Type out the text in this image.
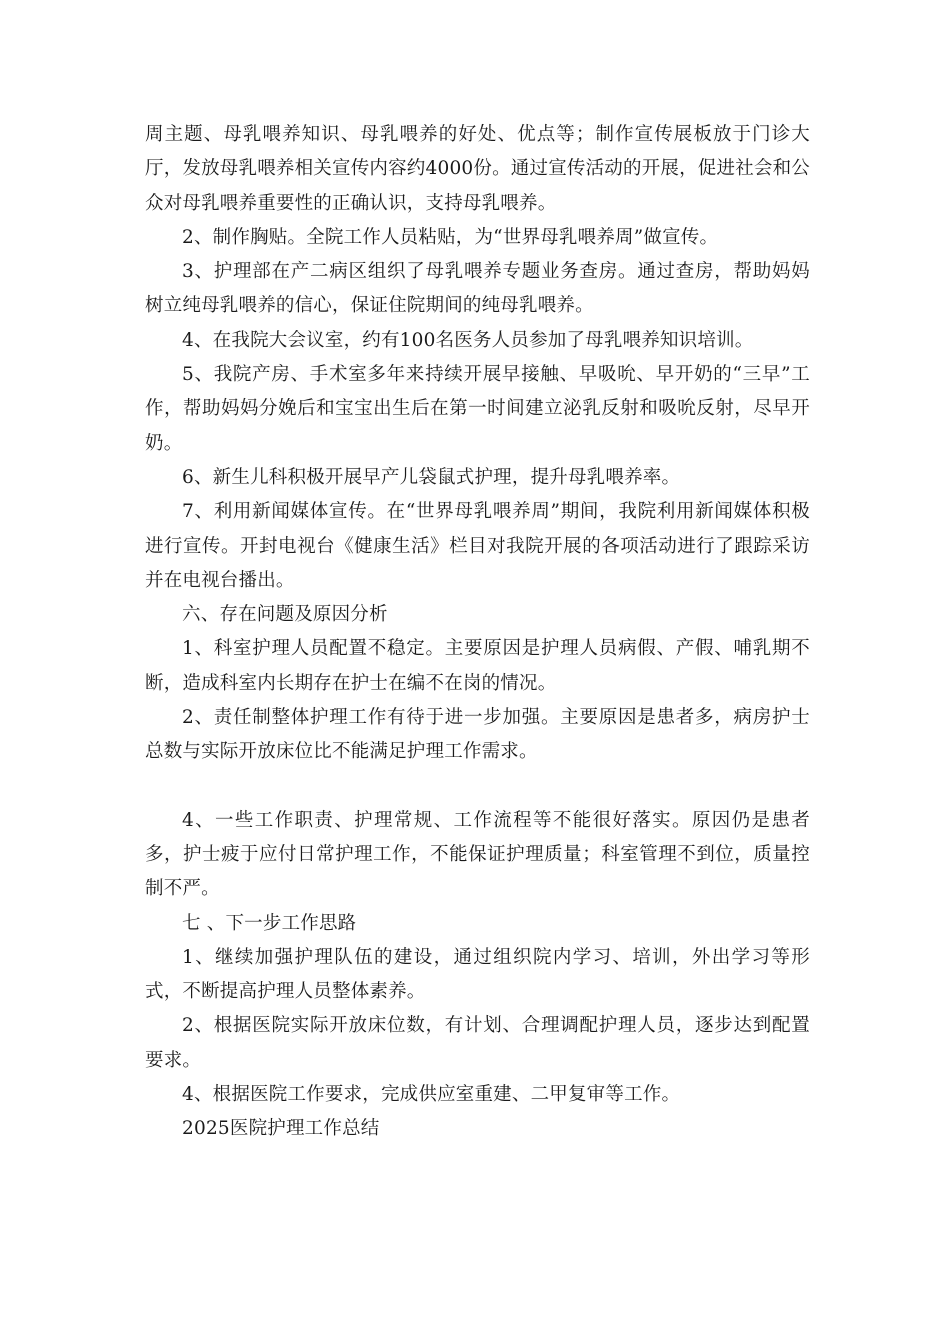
周主题、母乳喂养知识、母乳喂养的好处、优点等；制作宣传展板放于门诊大厅，发放母乳喂养相关宣传内容约4000份。通过宣传活动的开展，促进社会和公众对母乳喂养重要性的正确认识，支持母乳喂养。

2、制作胸贴。全院工作人员粘贴，为“世界母乳喂养周”做宣传。

3、护理部在产二病区组织了母乳喂养专题业务查房。通过查房，帮助妈妈树立纯母乳喂养的信心，保证住院期间的纯母乳喂养。

4、在我院大会议室，约有100名医务人员参加了母乳喂养知识培训。

5、我院产房、手术室多年来持续开展早接触、早吸吮、早开奶的“三早”工作，帮助妈妈分娩后和宝宝出生后在第一时间建立泌乳反射和吸吮反射，尽早开奶。

6、新生儿科积极开展早产儿袋鼠式护理，提升母乳喂养率。

7、利用新闻媒体宣传。在“世界母乳喂养周”期间，我院利用新闻媒体积极进行宣传。开封电视台《健康生活》栏目对我院开展的各项活动进行了跟踪采访并在电视台播出。

六、存在问题及原因分析

1、科室护理人员配置不稳定。主要原因是护理人员病假、产假、哺乳期不断，造成科室内长期存在护士在编不在岗的情况。

2、责任制整体护理工作有待于进一步加强。主要原因是患者多，病房护士总数与实际开放床位比不能满足护理工作需求。

4、一些工作职责、护理常规、工作流程等不能很好落实。原因仍是患者多，护士疲于应付日常护理工作，不能保证护理质量；科室管理不到位，质量控制不严。

七 、下一步工作思路

1、继续加强护理队伍的建设，通过组织院内学习、培训，外出学习等形式，不断提高护理人员整体素养。

2、根据医院实际开放床位数，有计划、合理调配护理人员，逐步达到配置要求。

4、根据医院工作要求，完成供应室重建、二甲复审等工作。

2025医院护理工作总结
